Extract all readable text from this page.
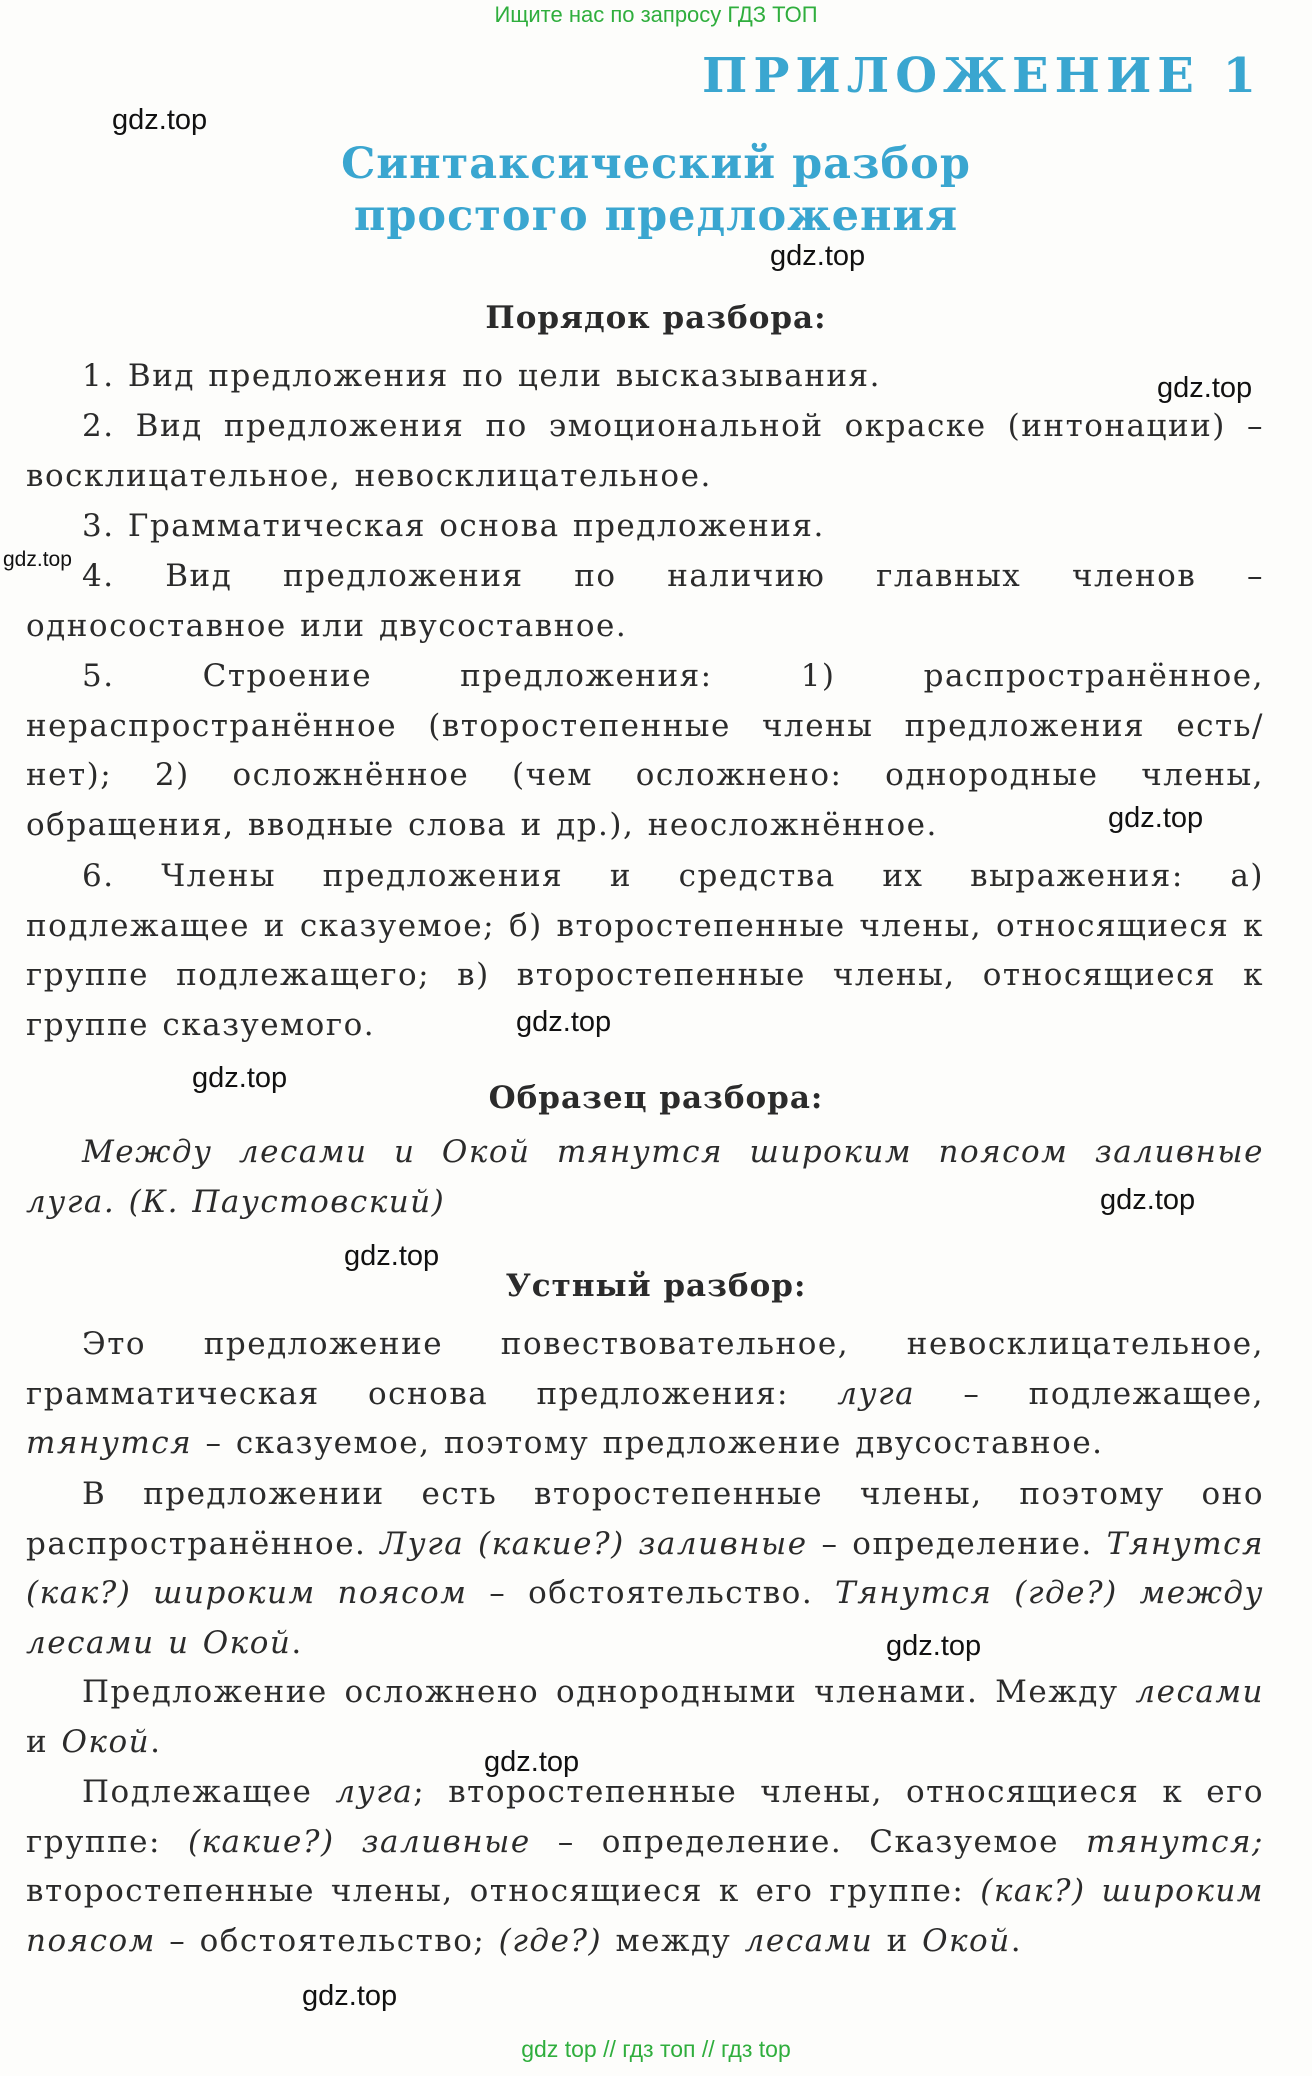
Ищите нас по запросу ГДЗ ТОП
ПРИЛОЖЕНИЕ 1
Синтаксический разбор
простого предложения
Порядок разбора:
1. Вид предложения по цели высказывания.
2. Вид предложения по эмоциональной окраске (интонации) – восклицательное, невосклицательное.
3. Грамматическая основа предложения.
4. Вид предложения по наличию главных членов – односоставное или двусоставное.
5. Строение предложения: 1) распространённое, нераспространённое (второстепенные члены предложения есть/нет); 2) осложнённое (чем осложнено: однородные члены, обращения, вводные слова и др.), неосложнённое.
6. Члены предложения и средства их выражения: а) подлежащее и сказуемое; б) второстепенные члены, относящиеся к группе подлежащего; в) второстепенные члены, относящиеся к группе сказуемого.
Образец разбора:
Между лесами и Окой тянутся широким поясом заливные луга. (К. Паустовский)
Устный разбор:
Это предложение повествовательное, невосклицательное, грамматическая основа предложения: луга – подлежащее, тянутся – сказуемое, поэтому предложение двусоставное.
В предложении есть второстепенные члены, поэтому оно распространённое. Луга (какие?) заливные – определение. Тянутся (как?) широким поясом – обстоятельство. Тянутся (где?) между лесами и Окой.
Предложение осложнено однородными членами. Между лесами и Окой.
Подлежащее луга; второстепенные члены, относящиеся к его группе: (какие?) заливные – определение. Сказуемое тянутся; второстепенные члены, относящиеся к его группе: (как?) широким поясом – обстоятельство; (где?) между лесами и Окой.
gdz.top
gdz.top
gdz.top
gdz.top
gdz.top
gdz.top
gdz.top
gdz.top
gdz.top
gdz.top
gdz.top
gdz.top
gdz top // гдз топ // гдз top
